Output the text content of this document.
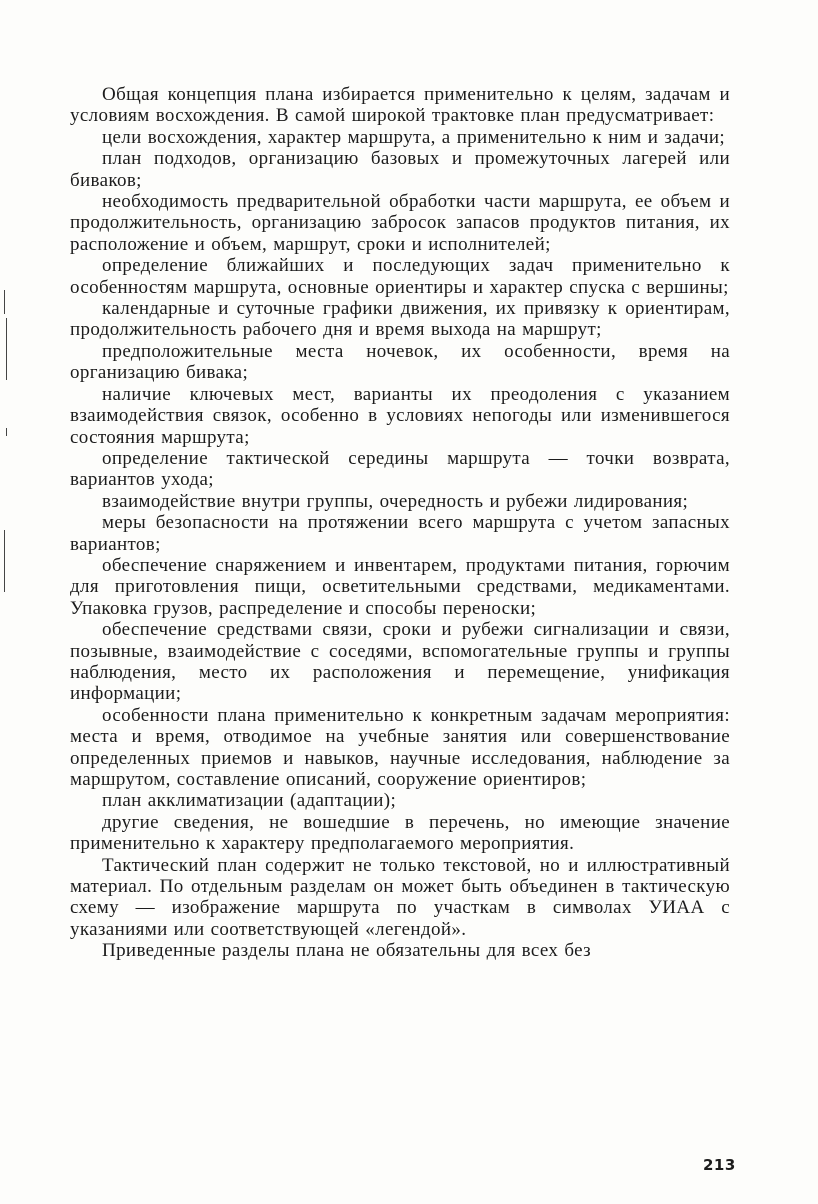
Общая концепция плана избирается применительно к целям, задачам и условиям восхождения. В самой широкой трактовке план предусматривает:

цели восхождения, характер маршрута, а применительно к ним и задачи;

план подходов, организацию базовых и промежуточных лагерей или биваков;

необходимость предварительной обработки части маршрута, ее объем и продолжительность, организацию забросок запасов продуктов питания, их расположение и объем, маршрут, сроки и исполнителей;

определение ближайших и последующих задач применительно к особенностям маршрута, основные ориентиры и характер спуска с вершины;

календарные и суточные графики движения, их привязку к ориентирам, продолжительность рабочего дня и время выхода на маршрут;

предположительные места ночевок, их особенности, время на организацию бивака;

наличие ключевых мест, варианты их преодоления с указанием взаимодействия связок, особенно в условиях непогоды или изменившегося состояния маршрута;

определение тактической середины маршрута — точки возврата, вариантов ухода;

взаимодействие внутри группы, очередность и рубежи лидирования;

меры безопасности на протяжении всего маршрута с учетом запасных вариантов;

обеспечение снаряжением и инвентарем, продуктами питания, горючим для приготовления пищи, осветительными средствами, медикаментами. Упаковка грузов, распределение и способы переноски;

обеспечение средствами связи, сроки и рубежи сигнализации и связи, позывные, взаимодействие с соседями, вспомогательные группы и группы наблюдения, место их расположения и перемещение, унификация информации;

особенности плана применительно к конкретным задачам мероприятия: места и время, отводимое на учебные занятия или совершенствование определенных приемов и навыков, научные исследования, наблюдение за маршрутом, составление описаний, сооружение ориентиров;

план акклиматизации (адаптации);

другие сведения, не вошедшие в перечень, но имеющие значение применительно к характеру предполагаемого мероприятия.

Тактический план содержит не только текстовой, но и иллюстративный материал. По отдельным разделам он может быть объединен в тактическую схему — изображение маршрута по участкам в символах УИАА с указаниями или соответствующей «легендой».

Приведенные разделы плана не обязательны для всех без

213
